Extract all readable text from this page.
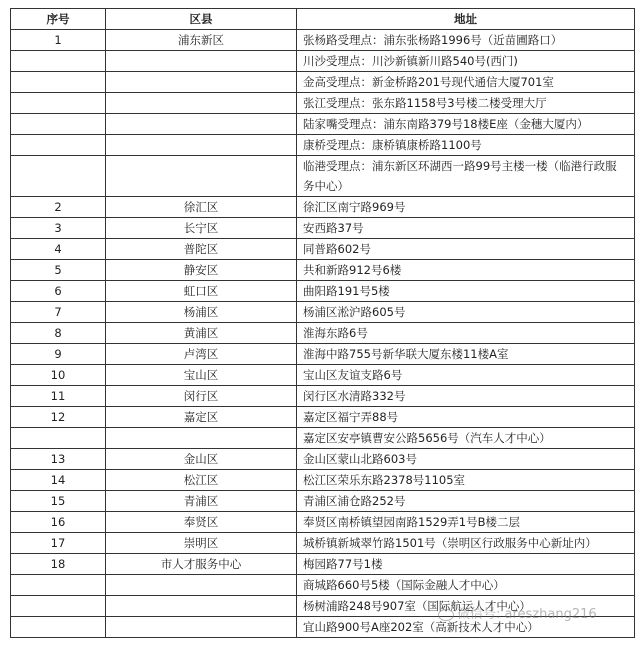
序号	区县	地址
1	浦东新区	张杨路受理点：浦东张杨路1996号（近苗圃路口）
		川沙受理点：川沙新镇新川路540号(西门)
		金高受理点：新金桥路201号现代通信大厦701室
		张江受理点：张东路1158号3号楼二楼受理大厅
		陆家嘴受理点：浦东南路379号18楼E座（金穗大厦内）
		康桥受理点：康桥镇康桥路1100号
		临港受理点：浦东新区环湖西一路99号主楼一楼（临港行政服务中心）
2	徐汇区	徐汇区南宁路969号
3	长宁区	安西路37号
4	普陀区	同普路602号
5	静安区	共和新路912号6楼
6	虹口区	曲阳路191号5楼
7	杨浦区	杨浦区淞沪路605号
8	黄浦区	淮海东路6号
9	卢湾区	淮海中路755号新华联大厦东楼11楼A室
10	宝山区	宝山区友谊支路6号
11	闵行区	闵行区水清路332号
12	嘉定区	嘉定区福宁弄88号
		嘉定区安亭镇曹安公路5656号（汽车人才中心）
13	金山区	金山区蒙山北路603号
14	松江区	松江区荣乐东路2378号1105室
15	青浦区	青浦区浦仓路252号
16	奉贤区	奉贤区南桥镇望园南路1529弄1号B楼二层
17	崇明区	城桥镇新城翠竹路1501号（崇明区行政服务中心新址内）
18	市人才服务中心	梅园路77号1楼
		商城路660号5楼（国际金融人才中心）
		杨树浦路248号907室（国际航运人才中心）
		宜山路900号A座202室（高新技术人才中心）
微信号: areszhang216
